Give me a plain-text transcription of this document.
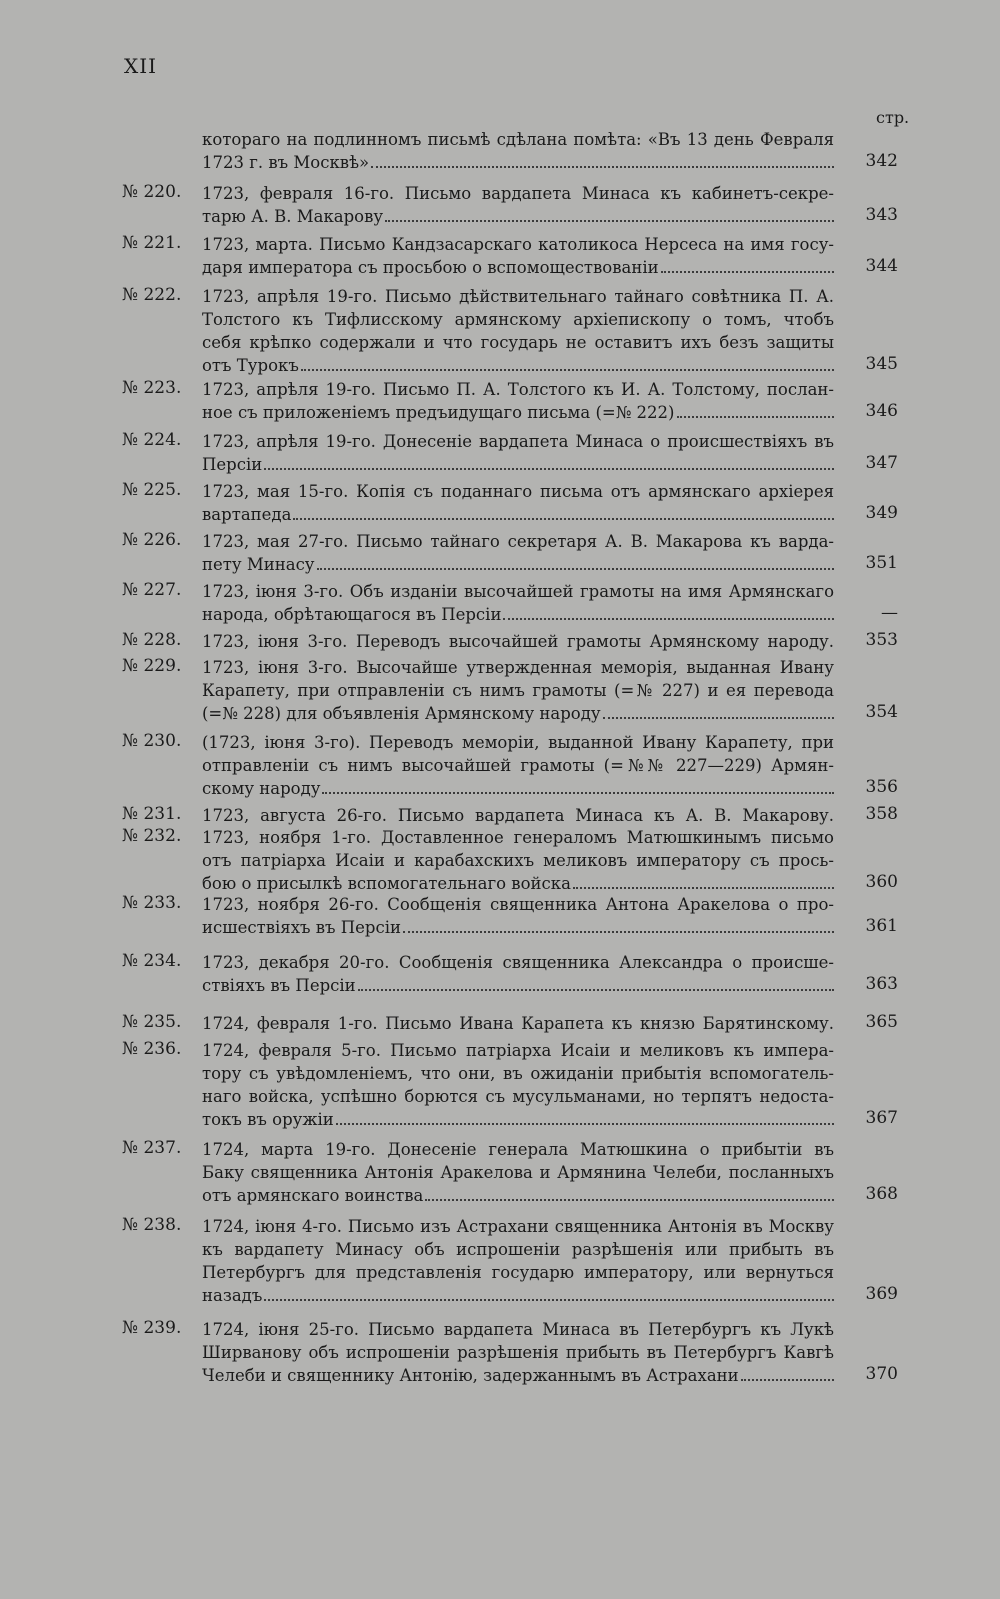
XII
стр.
котораго на подлинномъ письмѣ сдѣлана помѣта: «Въ 13 день Февраля
1723 г. въ Москвѣ»	342
№ 220. 1723, февраля 16-го. Письмо вардапета Минаса къ кабинетъ-секре-
тарю А. В. Макарову	343
№ 221. 1723, марта. Письмо Кандзасарскаго католикоса Нерсеса на имя госу-
даря императора съ просьбою о вспомоществованіи	344
№ 222. 1723, апрѣля 19-го. Письмо дѣйствительнаго тайнаго совѣтника П. А.
Толстого къ Тифлисскому армянскому архіепископу о томъ, чтобъ
себя крѣпко содержали и что государь не оставитъ ихъ безъ защиты
отъ Турокъ	345
№ 223. 1723, апрѣля 19-го. Письмо П. А. Толстого къ И. А. Толстому, послан-
ное съ приложеніемъ предъидущаго письма (=№ 222)	346
№ 224. 1723, апрѣля 19-го. Донесеніе вардапета Минаса о происшествіяхъ въ
Персіи	347
№ 225. 1723, мая 15-го. Копія съ поданнаго письма отъ армянскаго архіерея
вартапеда	349
№ 226. 1723, мая 27-го. Письмо тайнаго секретаря А. В. Макарова къ варда-
пету Минасу	351
№ 227. 1723, іюня 3-го. Объ изданіи высочайшей грамоты на имя Армянскаго
народа, обрѣтающагося въ Персіи	—
№ 228. 1723, іюня 3-го. Переводъ высочайшей грамоты Армянскому народу.	353
№ 229. 1723, іюня 3-го. Высочайше утвержденная меморія, выданная Ивану
Карапету, при отправленіи съ нимъ грамоты (=№ 227) и ея перевода
(=№ 228) для объявленія Армянскому народу	354
№ 230. (1723, іюня 3-го). Переводъ меморіи, выданной Ивану Карапету, при
отправленіи съ нимъ высочайшей грамоты (=№№ 227—229) Армян-
скому народу	356
№ 231. 1723, августа 26-го. Письмо вардапета Минаса къ А. В. Макарову.	358
№ 232. 1723, ноября 1-го. Доставленное генераломъ Матюшкинымъ письмо
отъ патріарха Исаіи и карабахскихъ меликовъ императору съ прось-
бою о присылкѣ вспомогательнаго войска	360
№ 233. 1723, ноября 26-го. Сообщенія священника Антона Аракелова о про-
исшествіяхъ въ Персіи	361
№ 234. 1723, декабря 20-го. Сообщенія священника Александра о происше-
ствіяхъ въ Персіи	363
№ 235. 1724, февраля 1-го. Письмо Ивана Карапета къ князю Барятинскому.	365
№ 236. 1724, февраля 5-го. Письмо патріарха Исаіи и меликовъ къ импера-
тору съ увѣдомленіемъ, что они, въ ожиданіи прибытія вспомогатель-
наго войска, успѣшно борются съ мусульманами, но терпятъ недоста-
токъ въ оружіи	367
№ 237. 1724, марта 19-го. Донесеніе генерала Матюшкина о прибытіи въ
Баку священника Антонія Аракелова и Армянина Челеби, посланныхъ
отъ армянскаго воинства	368
№ 238. 1724, іюня 4-го. Письмо изъ Астрахани священника Антонія въ Москву
къ вардапету Минасу объ испрошеніи разрѣшенія или прибыть въ
Петербургъ для представленія государю императору, или вернуться
назадъ	369
№ 239. 1724, іюня 25-го. Письмо вардапета Минаса въ Петербургъ къ Лукѣ
Ширванову объ испрошеніи разрѣшенія прибыть въ Петербургъ Кавгѣ
Челеби и священнику Антонію, задержаннымъ въ Астрахани	370
